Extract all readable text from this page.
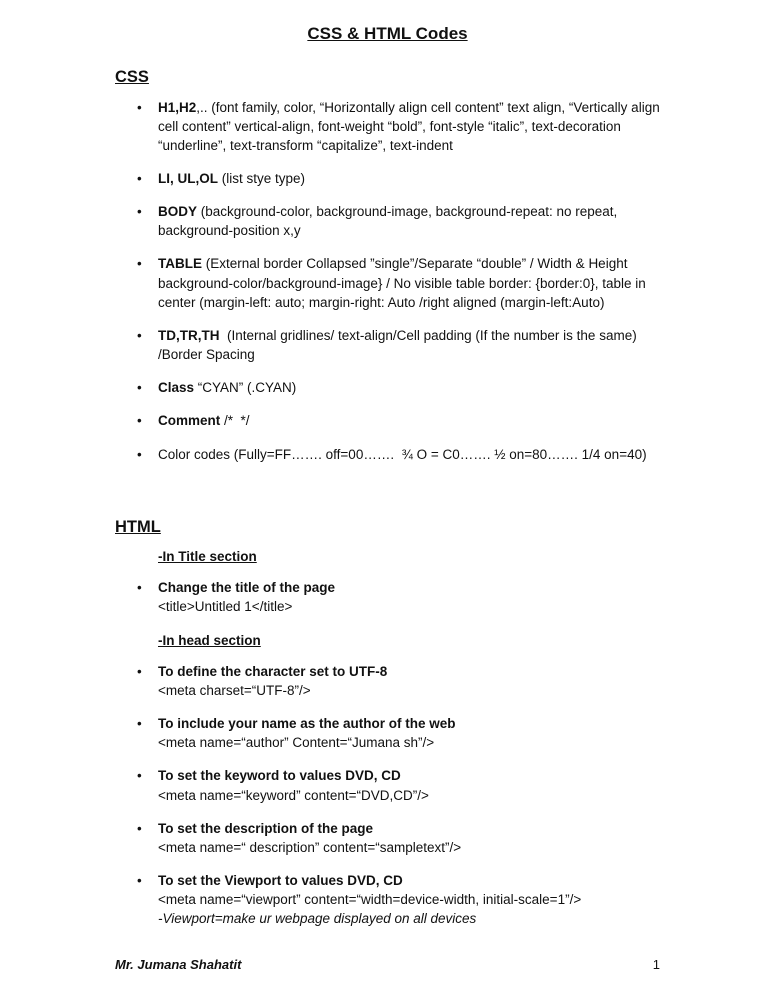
CSS & HTML Codes
CSS
• H1,H2,.. (font family, color, “Horizontally align cell content” text align, “Vertically align cell content” vertical-align, font-weight “bold”, font-style “italic”, text-decoration “underline”, text-transform “capitalize”, text-indent
• LI, UL,OL (list stye type)
• BODY (background-color, background-image, background-repeat: no repeat, background-position x,y
• TABLE (External border Collapsed ”single”/Separate “double” / Width & Height background-color/background-image} / No visible table border: {border:0}, table in center (margin-left: auto; margin-right: Auto /right aligned (margin-left:Auto)
• TD,TR,TH  (Internal gridlines/ text-align/Cell padding (If the number is the same) /Border Spacing
• Class “CYAN” (.CYAN)
• Comment /*  */
• Color codes (Fully=FF……. off=00…….  ¾ O = C0……. ½ on=80……. 1/4 on=40)
HTML
-In Title section
• Change the title of the page
<title>Untitled 1</title>
-In head section
• To define the character set to UTF-8
<meta charset=“UTF-8”/>
• To include your name as the author of the web
<meta name=“author” Content=“Jumana sh”/>
• To set the keyword to values DVD, CD
<meta name=“keyword” content=“DVD,CD”/>
• To set the description of the page
<meta name=“ description” content=“sampletext”/>
• To set the Viewport to values DVD, CD
<meta name=“viewport” content=“width=device-width, initial-scale=1”/>
-Viewport=make ur webpage displayed on all devices
Mr. Jumana Shahatit	1
